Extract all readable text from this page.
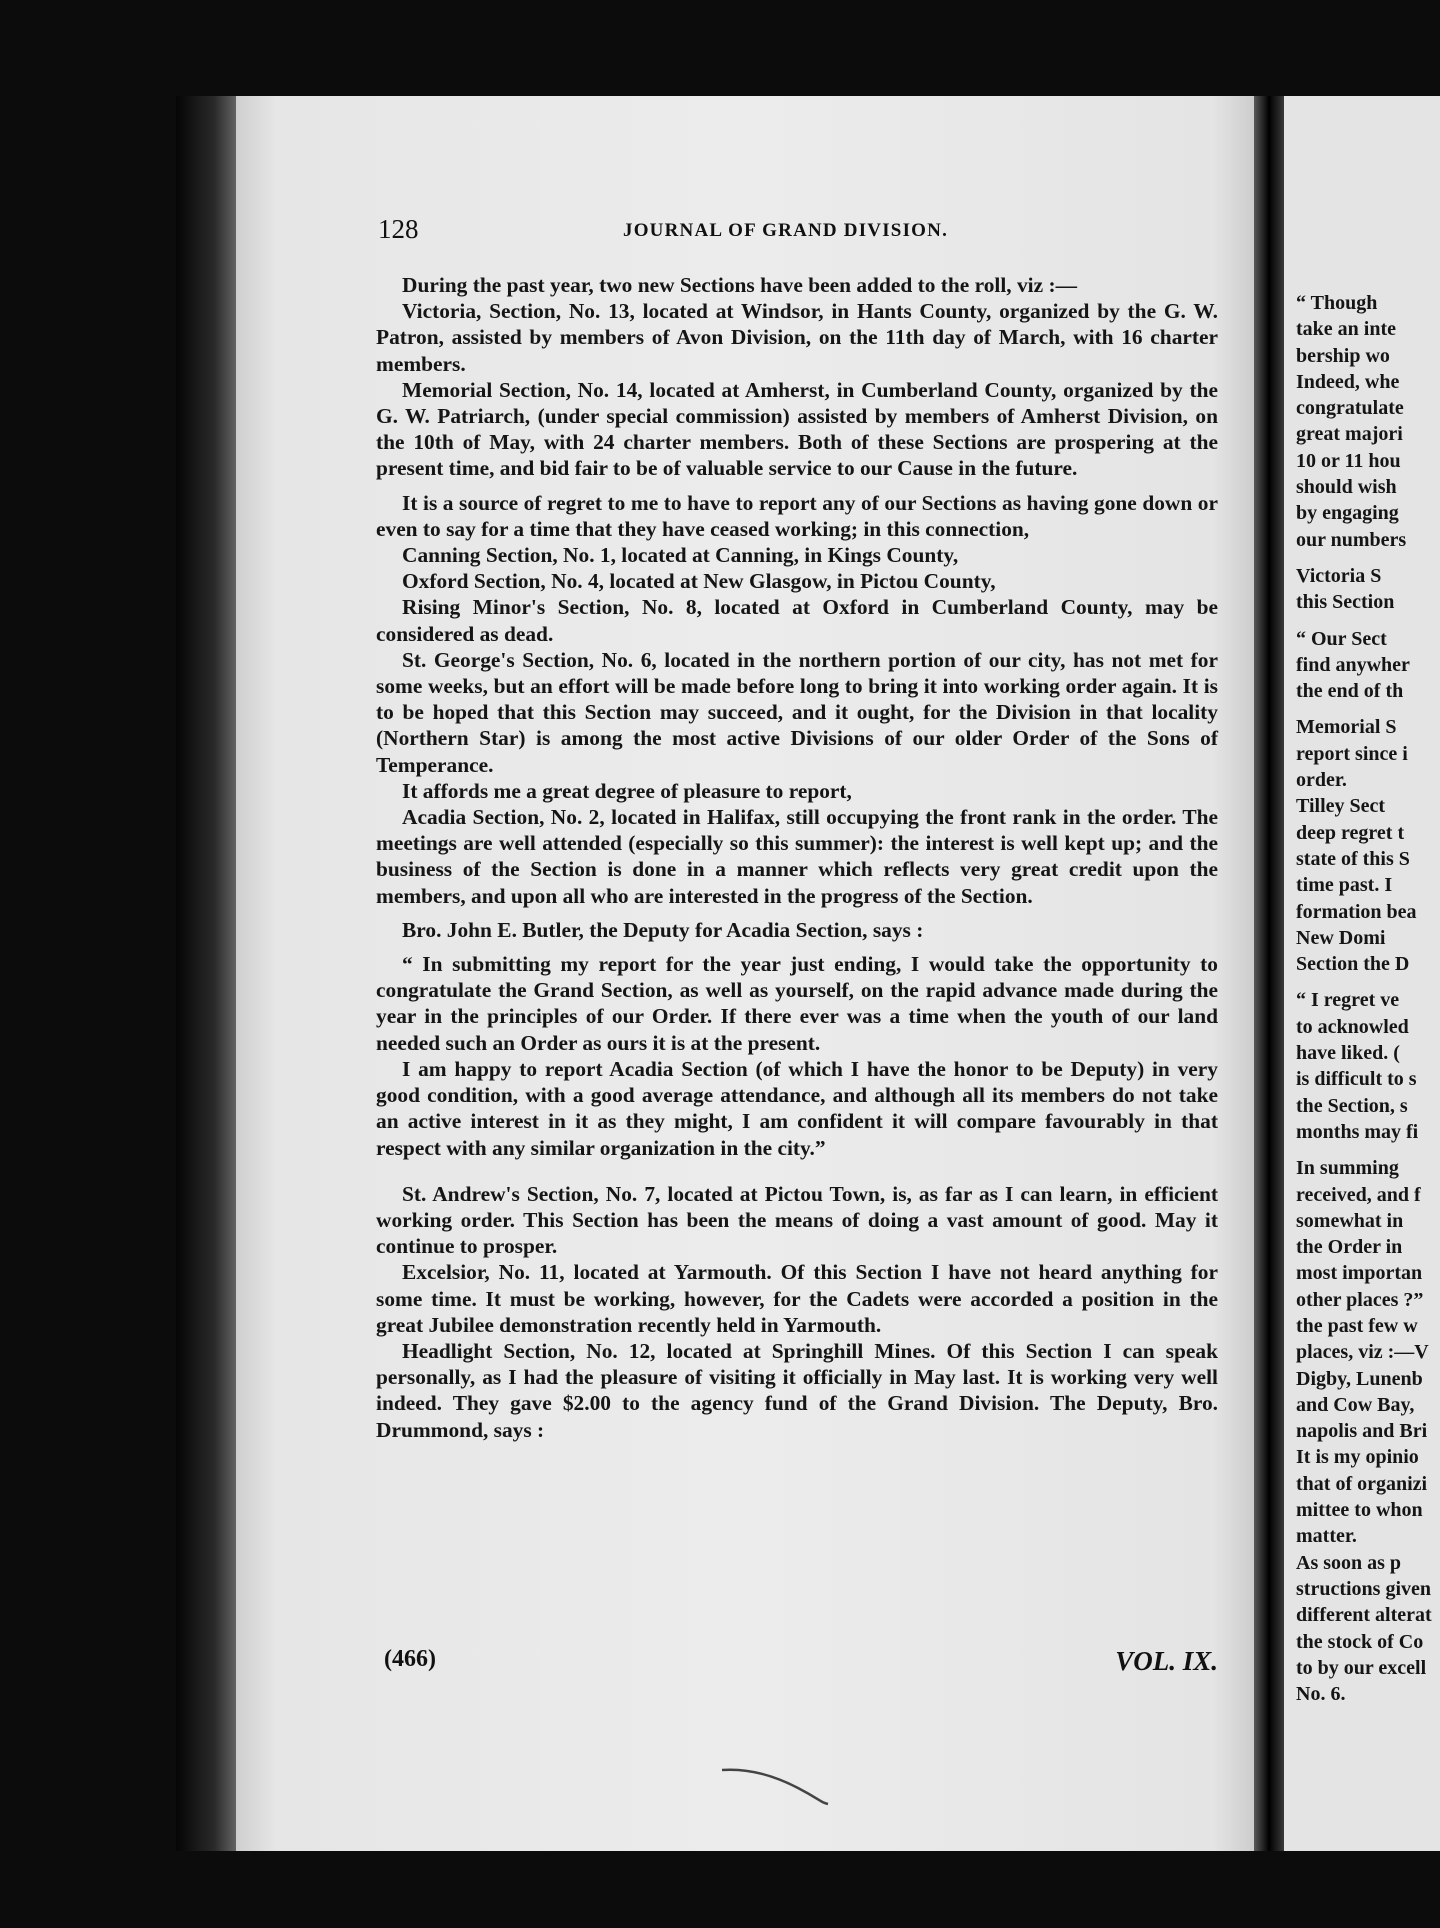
“ Though
take an inte
bership wo
Indeed, whe
congratulate
great majori
10 or 11 hou
should wish
by engaging
our numbers
Victoria S
this Section
“ Our Sect
find anywher
the end of th
Memorial S
report since i
order.
Tilley Sect
deep regret t
state of this S
time past. I
formation bea
New Domi
Section the D
“ I regret ve
to acknowled
have liked. (
is difficult to s
the Section, s
months may fi
In summing
received, and f
somewhat in
the Order in
most importan
other places ?”
the past few w
places, viz :—V
Digby, Lunenb
and Cow Bay,
napolis and Bri
It is my opinio
that of organizi
mittee to whon
matter.
As soon as p
structions given
different alterat
the stock of Co
to by our excell
No. 6.
128	JOURNAL OF GRAND DIVISION.

During the past year, two new Sections have been added to the roll, viz :—

Victoria, Section, No. 13, located at Windsor, in Hants County, organized by the G. W. Patron, assisted by members of Avon Division, on the 11th day of March, with 16 charter members.

Memorial Section, No. 14, located at Amherst, in Cumberland County, organized by the G. W. Patriarch, (under special commission) assisted by members of Amherst Division, on the 10th of May, with 24 charter members. Both of these Sections are prospering at the present time, and bid fair to be of valuable service to our Cause in the future.

It is a source of regret to me to have to report any of our Sections as having gone down or even to say for a time that they have ceased working; in this connection,

Canning Section, No. 1, located at Canning, in Kings County,

Oxford Section, No. 4, located at New Glasgow, in Pictou County,

Rising Minor's Section, No. 8, located at Oxford in Cumberland County, may be considered as dead.

St. George's Section, No. 6, located in the northern portion of our city, has not met for some weeks, but an effort will be made before long to bring it into working order again. It is to be hoped that this Section may succeed, and it ought, for the Division in that locality (Northern Star) is among the most active Divisions of our older Order of the Sons of Temperance.

It affords me a great degree of pleasure to report,

Acadia Section, No. 2, located in Halifax, still occupying the front rank in the order. The meetings are well attended (especially so this summer): the interest is well kept up; and the business of the Section is done in a manner which reflects very great credit upon the members, and upon all who are interested in the progress of the Section.

Bro. John E. Butler, the Deputy for Acadia Section, says :

“ In submitting my report for the year just ending, I would take the opportunity to congratulate the Grand Section, as well as yourself, on the rapid advance made during the year in the principles of our Order. If there ever was a time when the youth of our land needed such an Order as ours it is at the present.

I am happy to report Acadia Section (of which I have the honor to be Deputy) in very good condition, with a good average attendance, and although all its members do not take an active interest in it as they might, I am confident it will compare favourably in that respect with any similar organization in the city.”

St. Andrew's Section, No. 7, located at Pictou Town, is, as far as I can learn, in efficient working order. This Section has been the means of doing a vast amount of good. May it continue to prosper.

Excelsior, No. 11, located at Yarmouth. Of this Section I have not heard anything for some time. It must be working, however, for the Cadets were accorded a position in the great Jubilee demonstration recently held in Yarmouth.

Headlight Section, No. 12, located at Springhill Mines. Of this Section I can speak personally, as I had the pleasure of visiting it officially in May last. It is working very well indeed. They gave $2.00 to the agency fund of the Grand Division. The Deputy, Bro. Drummond, says :

(466)	VOL. IX.
